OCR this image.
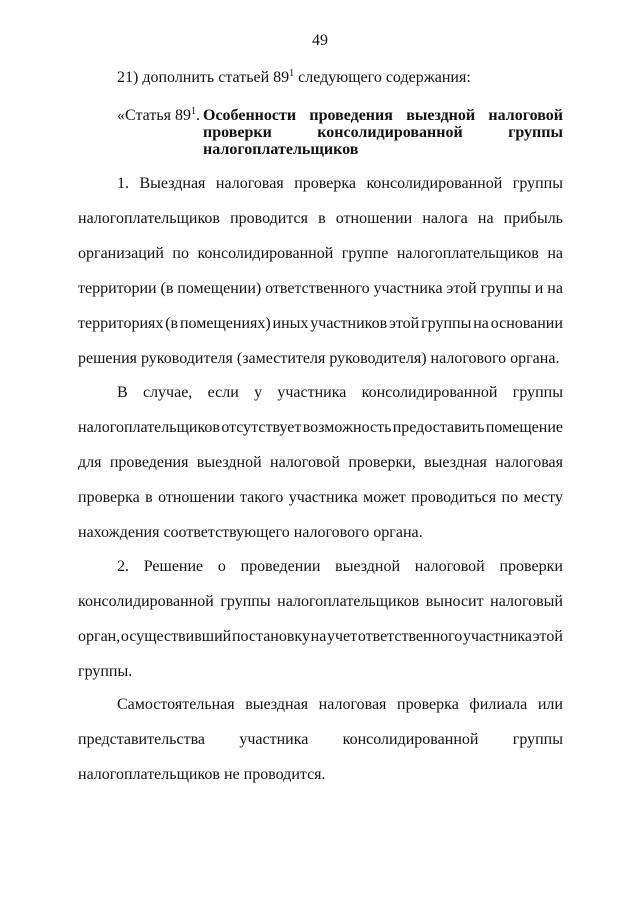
49
21) дополнить статьей $89^1$ следующего содержания:
«Статья $89^1$. Особенности проведения выездной налоговой
проверки	консолидированной	группы
налогоплательщиков
1. Выездная налоговая проверка консолидированной группы
налогоплательщиков проводится в отношении налога на прибыль
организаций по консолидированной группе налогоплательщиков на
территории (в помещении) ответственного участника этой группы и на
территориях (в помещениях) иных участников этой группы на основании
решения руководителя (заместителя руководителя) налогового органа.
В случае, если у участника консолидированной группы
налогоплательщиков отсутствует возможность предоставить помещение
для проведения выездной налоговой проверки, выездная налоговая
проверка в отношении такого участника может проводиться по месту
нахождения соответствующего налогового органа.
2. Решение о проведении выездной налоговой проверки
консолидированной группы налогоплательщиков выносит налоговый
орган, осуществивший постановку на учет ответственного участника этой
группы.
Самостоятельная выездная налоговая проверка филиала или
представительства участника консолидированной группы
налогоплательщиков не проводится.
